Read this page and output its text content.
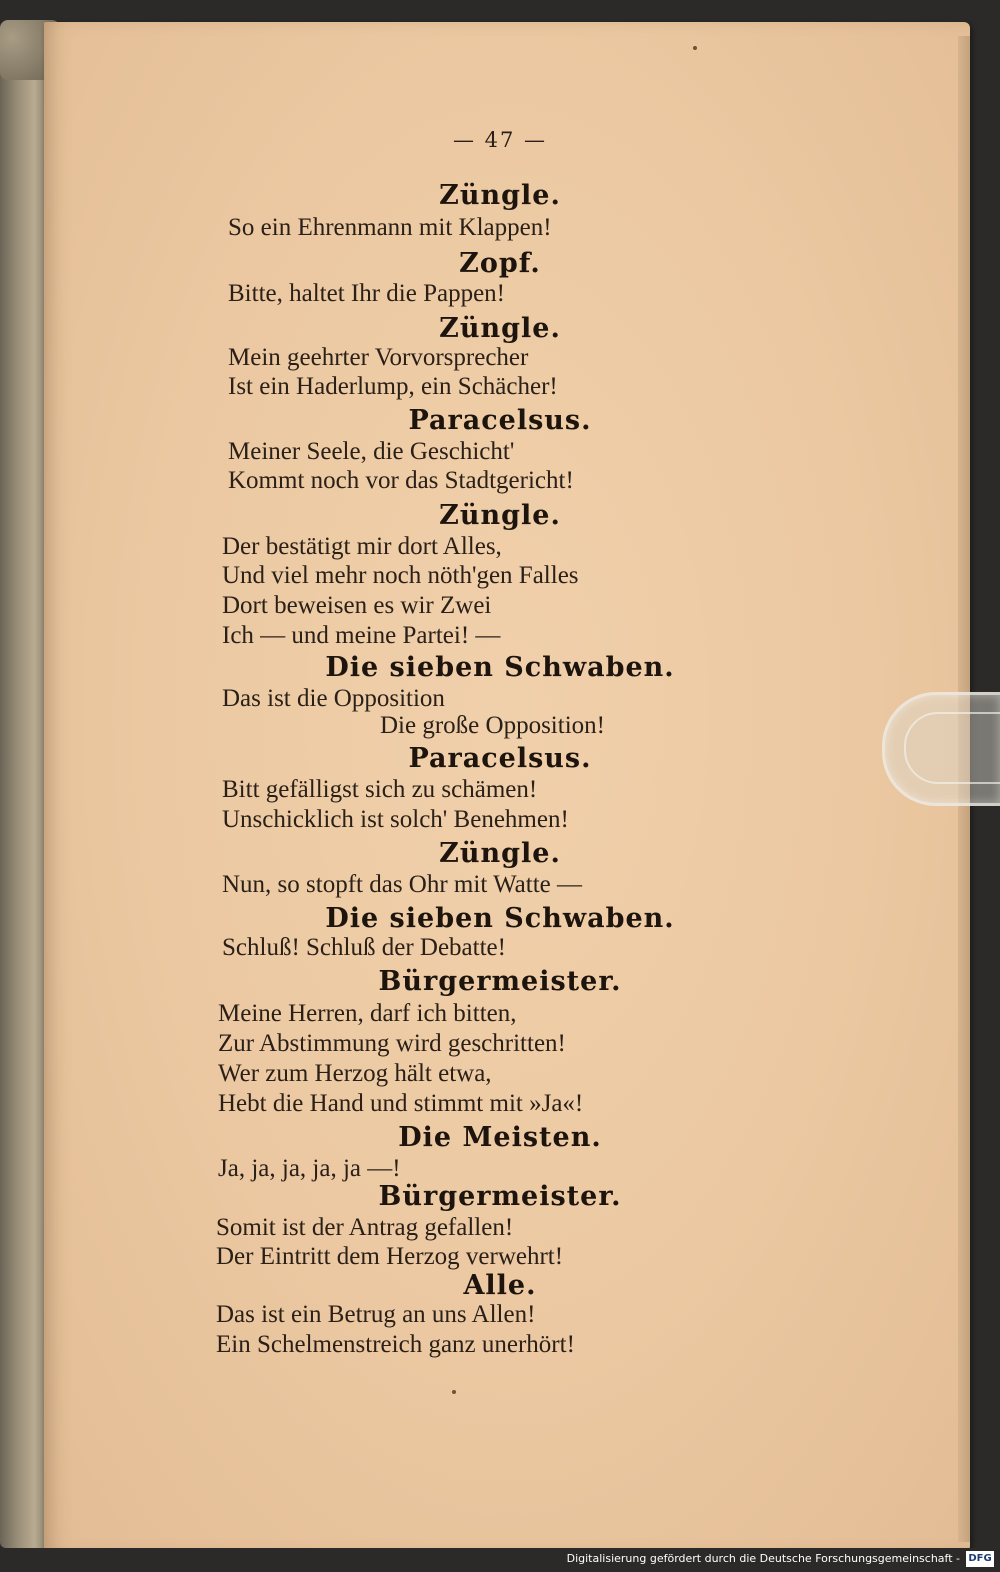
— 47 —
Züngle.
So ein Ehrenmann mit Klappen!
Zopf.
Bitte, haltet Ihr die Pappen!
Züngle.
Mein geehrter Vorvorsprecher
Ist ein Haderlump, ein Schächer!
Paracelsus.
Meiner Seele, die Geschicht'
Kommt noch vor das Stadtgericht!
Züngle.
Der bestätigt mir dort Alles,
Und viel mehr noch nöth'gen Falles
Dort beweisen es wir Zwei
Ich — und meine Partei! —
Die sieben Schwaben.
Das ist die Opposition
Die große Opposition!
Paracelsus.
Bitt gefälligst sich zu schämen!
Unschicklich ist solch' Benehmen!
Züngle.
Nun, so stopft das Ohr mit Watte —
Die sieben Schwaben.
Schluß! Schluß der Debatte!
Bürgermeister.
Meine Herren, darf ich bitten,
Zur Abstimmung wird geschritten!
Wer zum Herzog hält etwa,
Hebt die Hand und stimmt mit »Ja«!
Die Meisten.
Ja, ja, ja, ja, ja —!
Bürgermeister.
Somit ist der Antrag gefallen!
Der Eintritt dem Herzog verwehrt!
Alle.
Das ist ein Betrug an uns Allen!
Ein Schelmenstreich ganz unerhört!
Digitalisierung gefördert durch die Deutsche Forschungsgemeinschaft - DFG
